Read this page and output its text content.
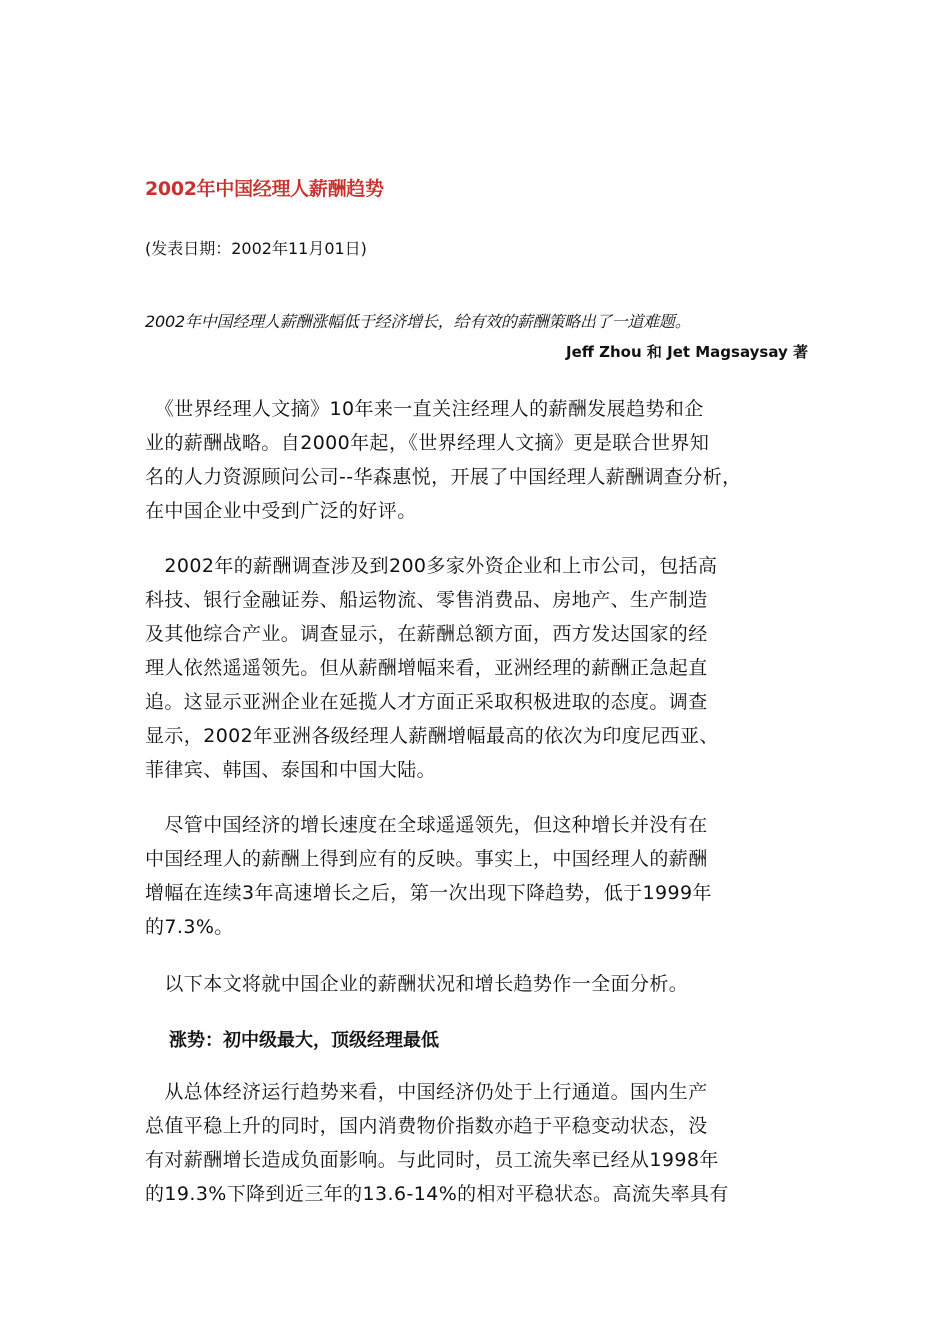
2002年中国经理人薪酬趋势
(发表日期：2002年11月01日)
2002年中国经理人薪酬涨幅低于经济增长，给有效的薪酬策略出了一道难题。
Jeff Zhou 和 Jet Magsaysay 著
　《世界经理人文摘》10年来一直关注经理人的薪酬发展趋势和企
业的薪酬战略。自2000年起，《世界经理人文摘》更是联合世界知
名的人力资源顾问公司--华森惠悦，开展了中国经理人薪酬调查分析，
在中国企业中受到广泛的好评。
　2002年的薪酬调查涉及到200多家外资企业和上市公司，包括高
科技、银行金融证券、船运物流、零售消费品、房地产、生产制造
及其他综合产业。调查显示，在薪酬总额方面，西方发达国家的经
理人依然遥遥领先。但从薪酬增幅来看，亚洲经理的薪酬正急起直
追。这显示亚洲企业在延揽人才方面正采取积极进取的态度。调查
显示，2002年亚洲各级经理人薪酬增幅最高的依次为印度尼西亚、
菲律宾、韩国、泰国和中国大陆。
　尽管中国经济的增长速度在全球遥遥领先，但这种增长并没有在
中国经理人的薪酬上得到应有的反映。事实上，中国经理人的薪酬
增幅在连续3年高速增长之后，第一次出现下降趋势，低于1999年
的7.3%。
　以下本文将就中国企业的薪酬状况和增长趋势作一全面分析。
涨势：初中级最大，顶级经理最低
　从总体经济运行趋势来看，中国经济仍处于上行通道。国内生产
总值平稳上升的同时，国内消费物价指数亦趋于平稳变动状态，没
有对薪酬增长造成负面影响。与此同时，员工流失率已经从1998年
的19.3%下降到近三年的13.6-14%的相对平稳状态。高流失率具有
